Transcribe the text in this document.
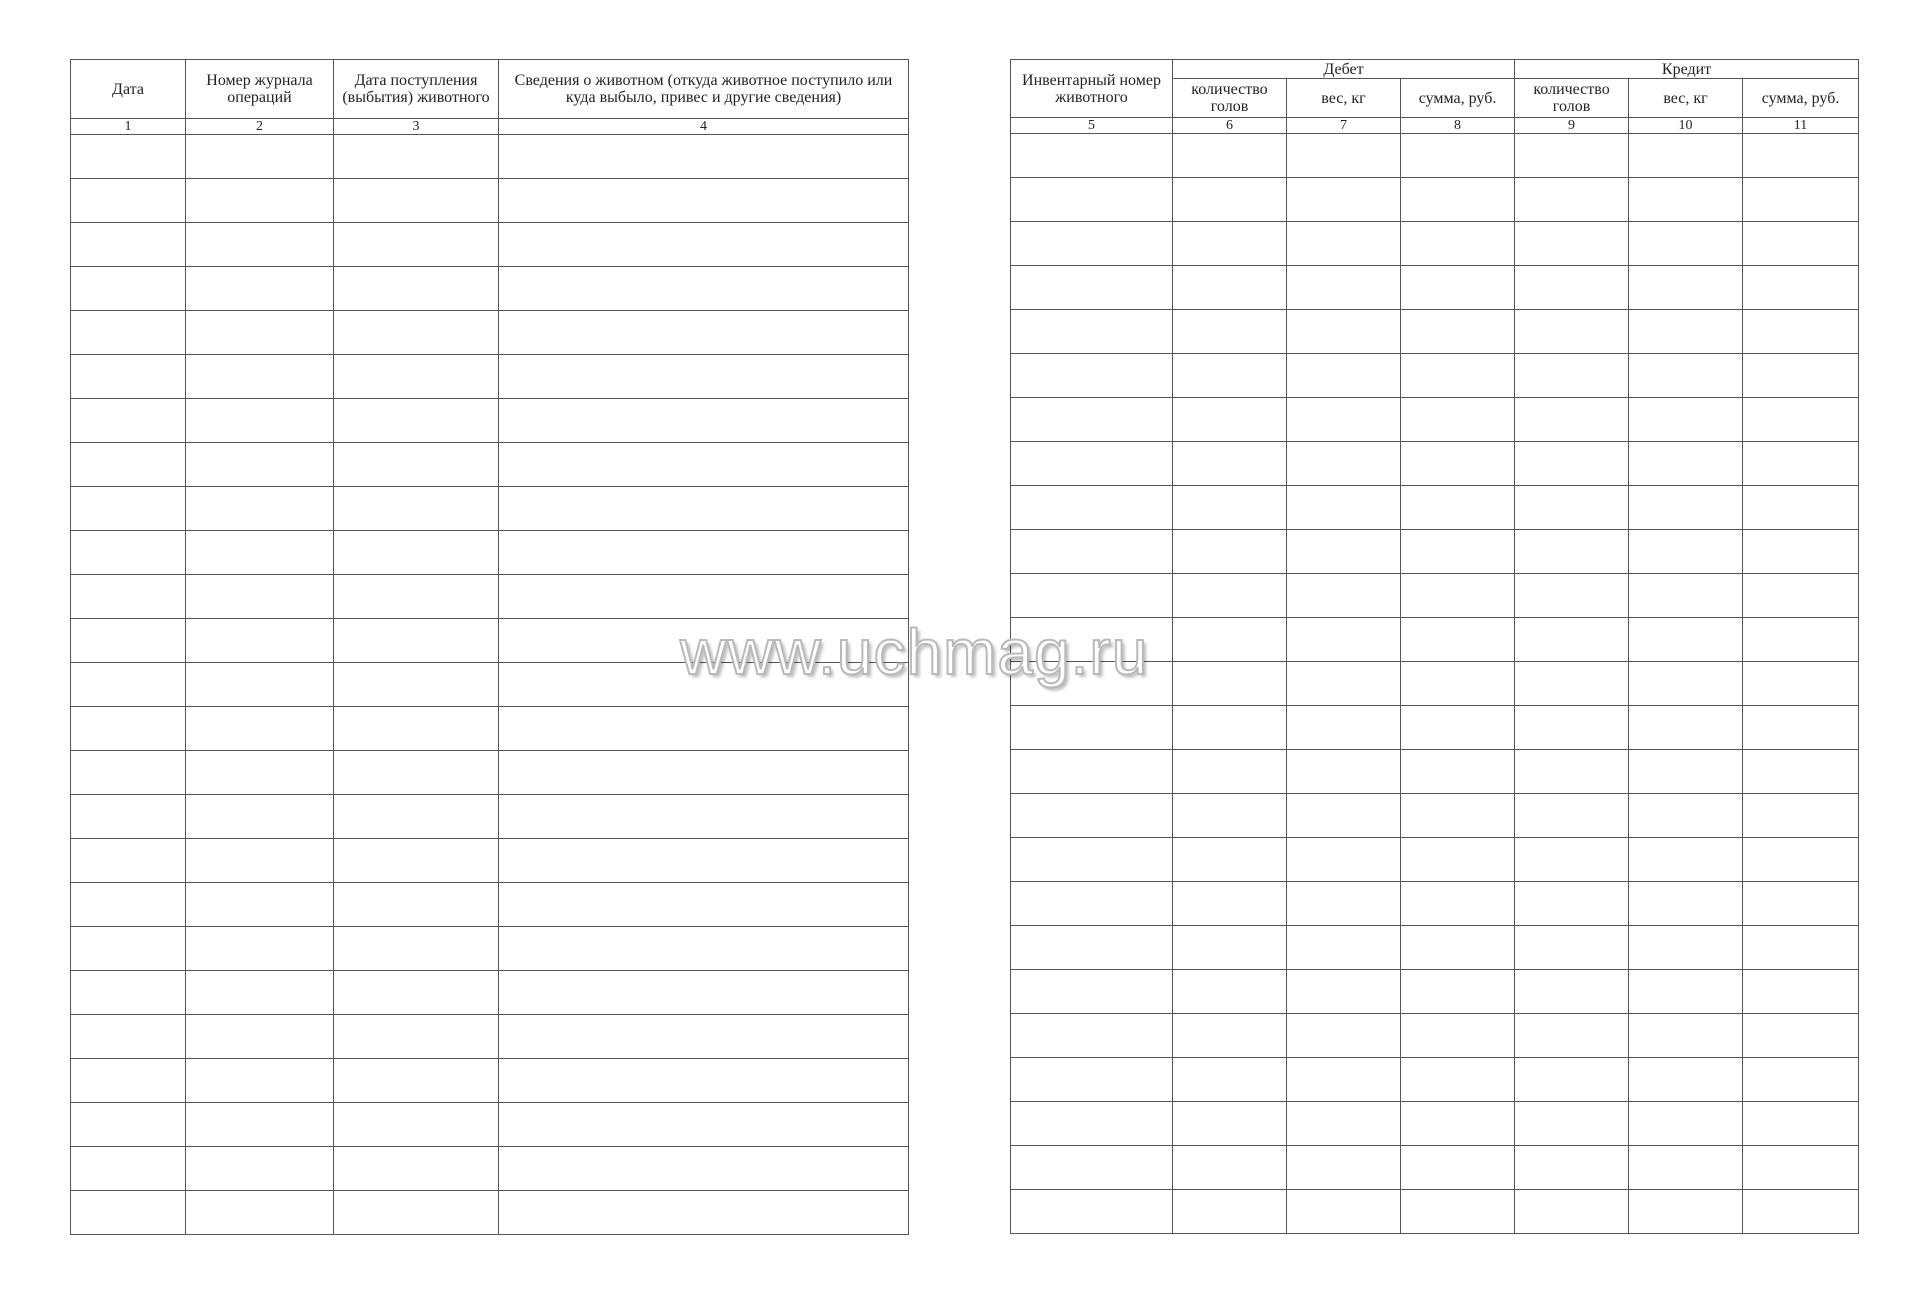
Дата	Номер журнала операций	Дата поступления (выбытия) животного	Сведения о животном (откуда животное поступило или куда выбыло, привес и другие сведения)
1	2	3	4

Инвентарный номер животного	Дебет			Кредит		
	количество голов	вес, кг	сумма, руб.	количество голов	вес, кг	сумма, руб.
5	6	7	8	9	10	11

www.uchmag.ru
